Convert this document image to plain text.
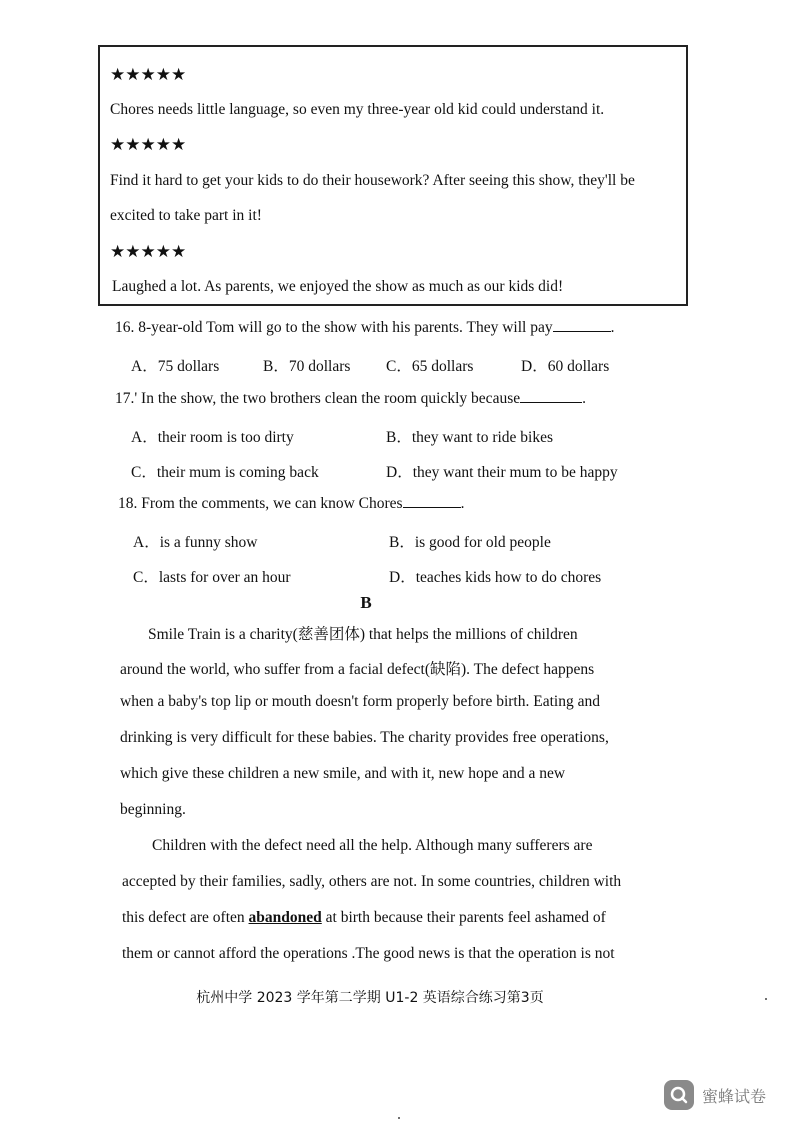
★★★★★
Chores needs little language, so even my three-year old kid could understand it.
★★★★★
Find it hard to get your kids to do their housework? After seeing this show, they'll be
excited to take part in it!
★★★★★
Laughed a lot. As parents, we enjoyed the show as much as our kids did!
16. 8-year-old Tom will go to the show with his parents. They will pay	.
A．75 dollars	B．70 dollars C．65 dollars	D．60 dollars
17.' In the show, the two brothers clean the room quickly because	.
A．their room is too dirty	B．they want to ride bikes
C．their mum is coming back	D．they want their mum to be happy
18. From the comments, we can know Chores	.
A．is a funny show	B．is good for old people
C．lasts for over an hour	D．teaches kids how to do chores
B
Smile Train is a charity(慈善团体) that helps the millions of children
around the world, who suffer from a facial defect(缺陷). The defect happens
when a baby's top lip or mouth doesn't form properly before birth. Eating and
drinking is very difficult for these babies. The charity provides free operations,
which give these children a new smile, and with it, new hope and a new
beginning.
Children with the defect need all the help. Although many sufferers are
accepted by their families, sadly, others are not. In some countries, children with
this defect are often abandoned at birth because their parents feel ashamed of
them or cannot afford the operations .The good news is that the operation is not
杭州中学 2023 学年第二学期 U1-2 英语综合练习第3页
蜜蜂试卷
